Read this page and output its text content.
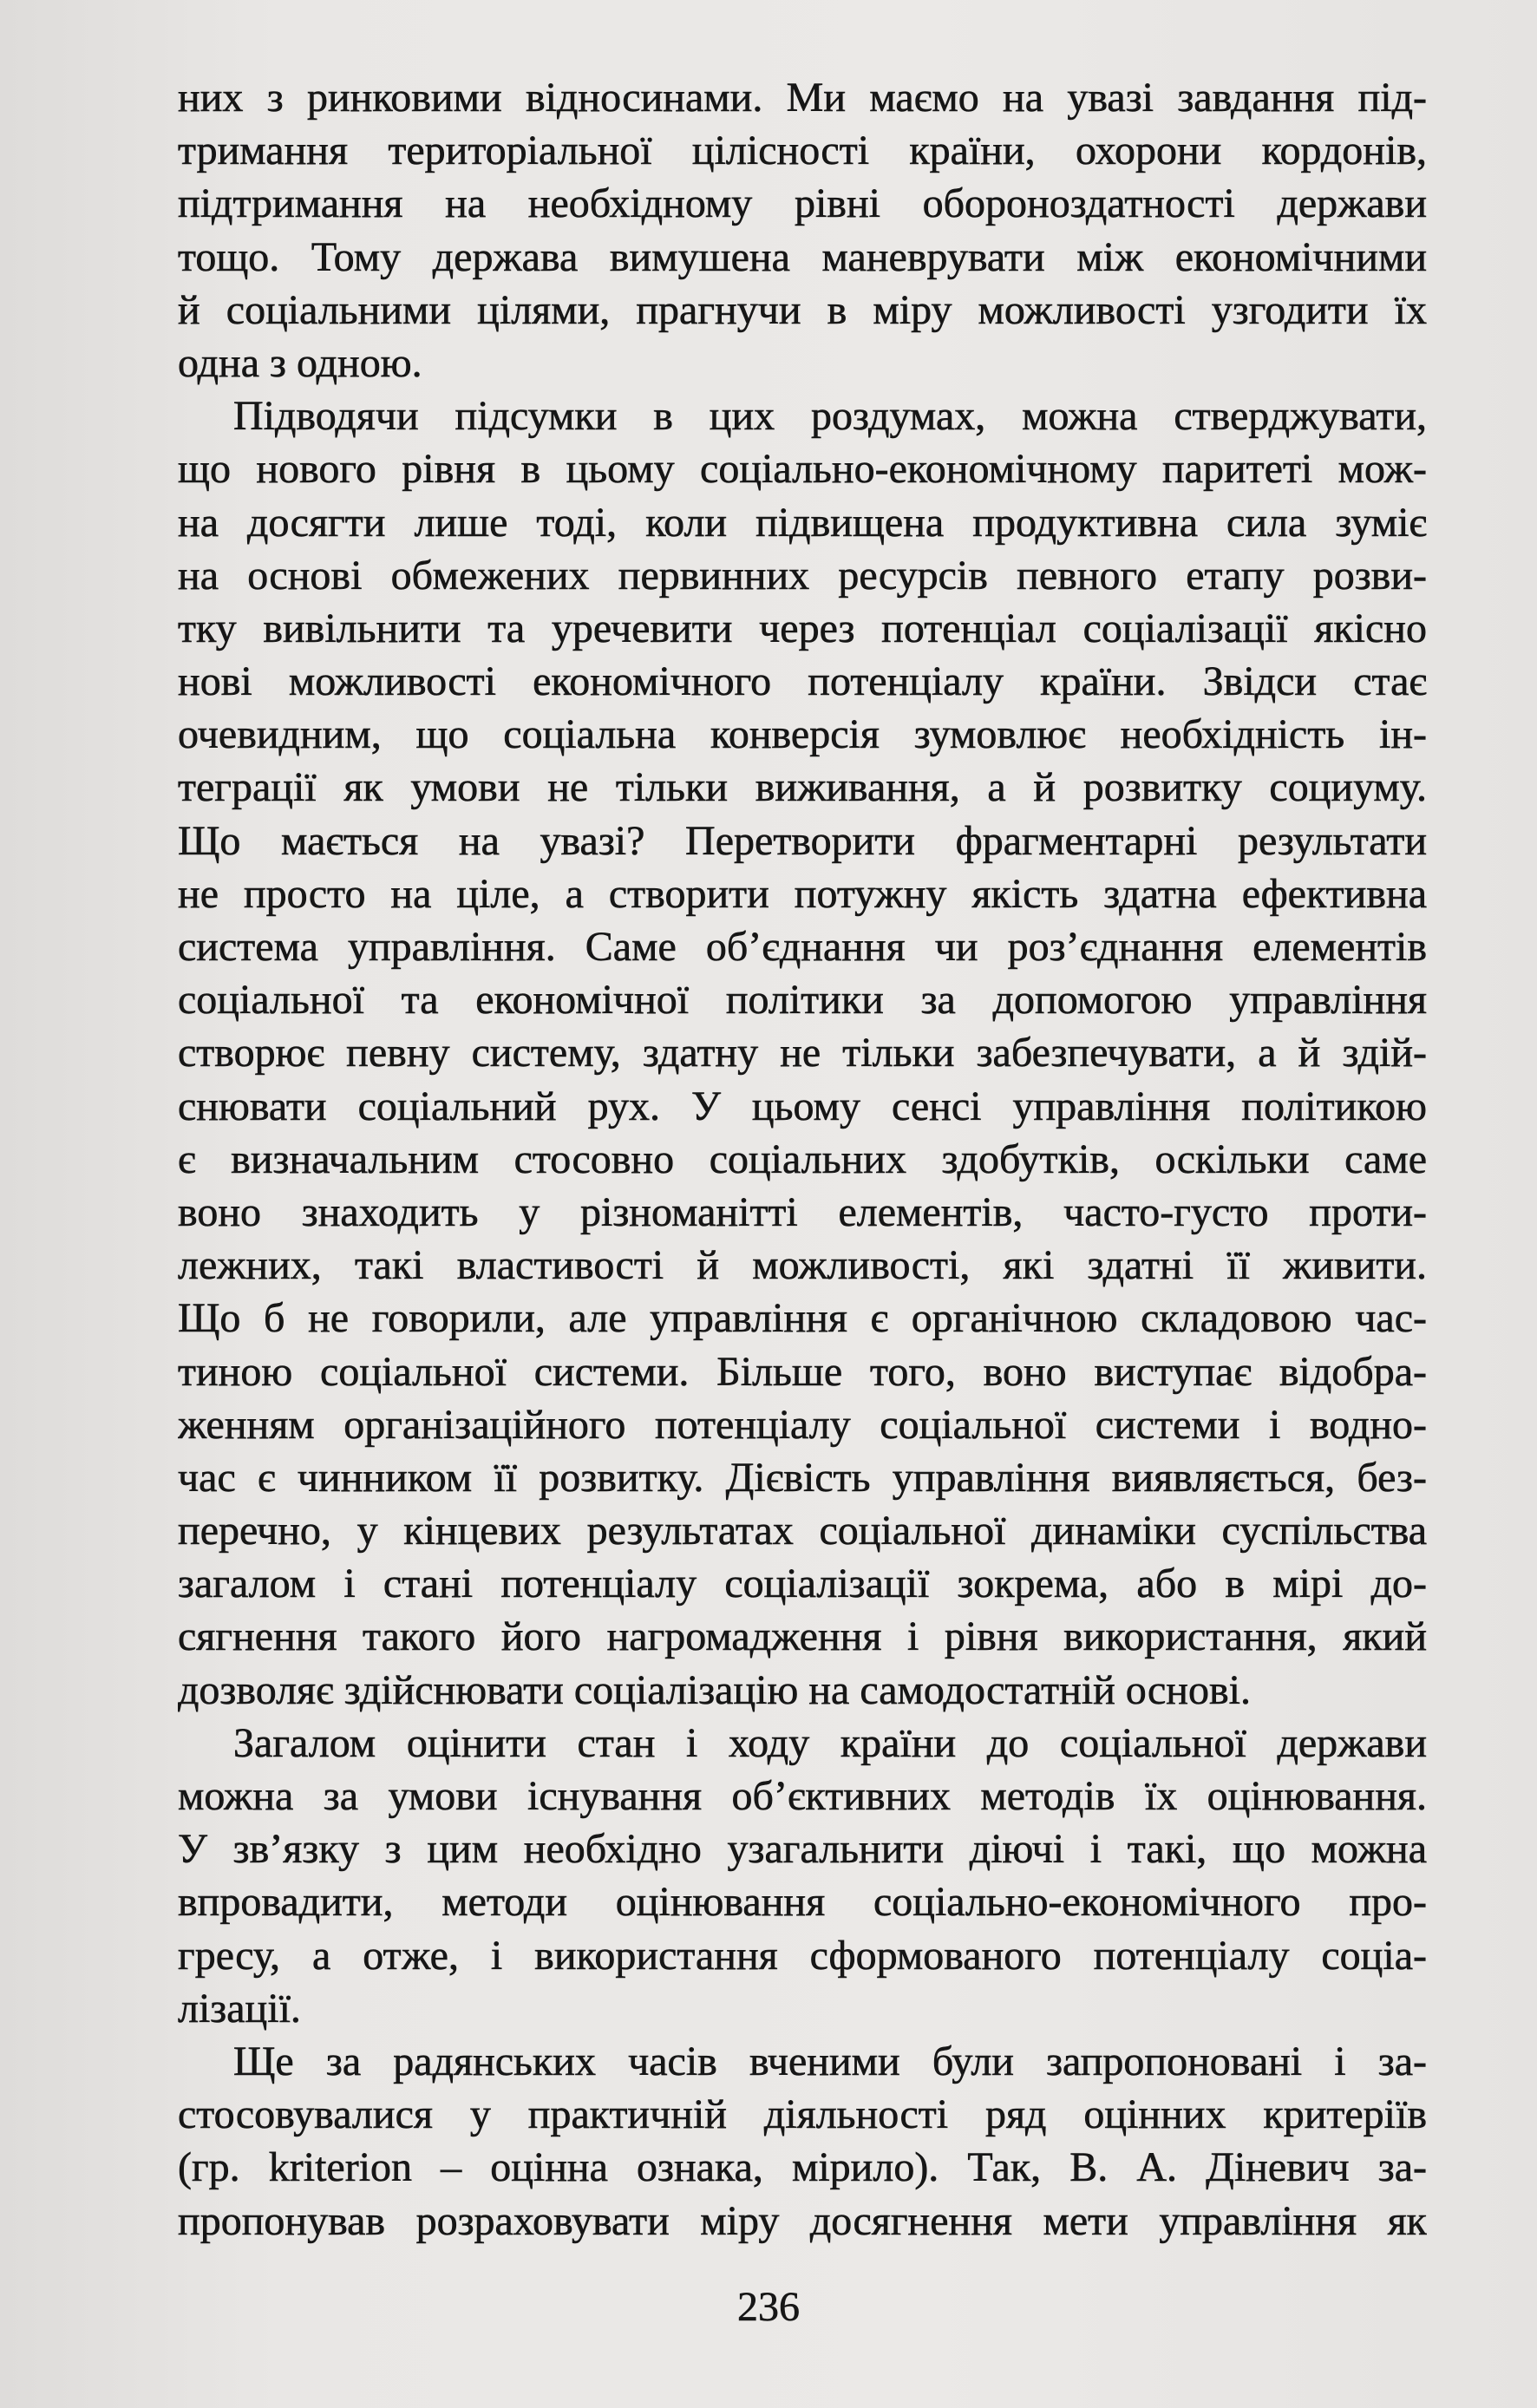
них з ринковими відносинами. Ми маємо на увазі завдання під-
тримання територіальної цілісності країни, охорони кордонів,
підтримання на необхідному рівні обороноздатності держави
тощо. Тому держава вимушена маневрувати між економічними
й соціальними цілями, прагнучи в міру можливості узгодити їх
одна з одною.
Підводячи підсумки в цих роздумах, можна стверджувати,
що нового рівня в цьому соціально-економічному паритеті мож-
на досягти лише тоді, коли підвищена продуктивна сила зуміє
на основі обмежених первинних ресурсів певного етапу розви-
тку вивільнити та уречевити через потенціал соціалізації якісно
нові можливості економічного потенціалу країни. Звідси стає
очевидним, що соціальна конверсія зумовлює необхідність ін-
теграції як умови не тільки виживання, а й розвитку социуму.
Що мається на увазі? Перетворити фрагментарні результати
не просто на ціле, а створити потужну якість здатна ефективна
система управління. Саме об’єднання чи роз’єднання елементів
соціальної та економічної політики за допомогою управління
створює певну систему, здатну не тільки забезпечувати, а й здій-
снювати соціальний рух. У цьому сенсі управління політикою
є визначальним стосовно соціальних здобутків, оскільки саме
воно знаходить у різноманітті елементів, часто-густо проти-
лежних, такі властивості й можливості, які здатні її живити.
Що б не говорили, але управління є органічною складовою час-
тиною соціальної системи. Більше того, воно виступає відобра-
женням організаційного потенціалу соціальної системи і водно-
час є чинником її розвитку. Дієвість управління виявляється, без-
перечно, у кінцевих результатах соціальної динаміки суспільства
загалом і стані потенціалу соціалізації зокрема, або в мірі до-
сягнення такого його нагромадження і рівня використання, який
дозволяє здійснювати соціалізацію на самодостатній основі.
Загалом оцінити стан і ходу країни до соціальної держави
можна за умови існування об’єктивних методів їх оцінювання.
У зв’язку з цим необхідно узагальнити діючі і такі, що можна
впровадити, методи оцінювання соціально-економічного про-
гресу, а отже, і використання сформованого потенціалу соціа-
лізації.
Ще за радянських часів вченими були запропоновані і за-
стосовувалися у практичній діяльності ряд оцінних критеріїв
(гр. kriterion – оцінна ознака, мірило). Так, В. А. Діневич за-
пропонував розраховувати міру досягнення мети управління як
236
